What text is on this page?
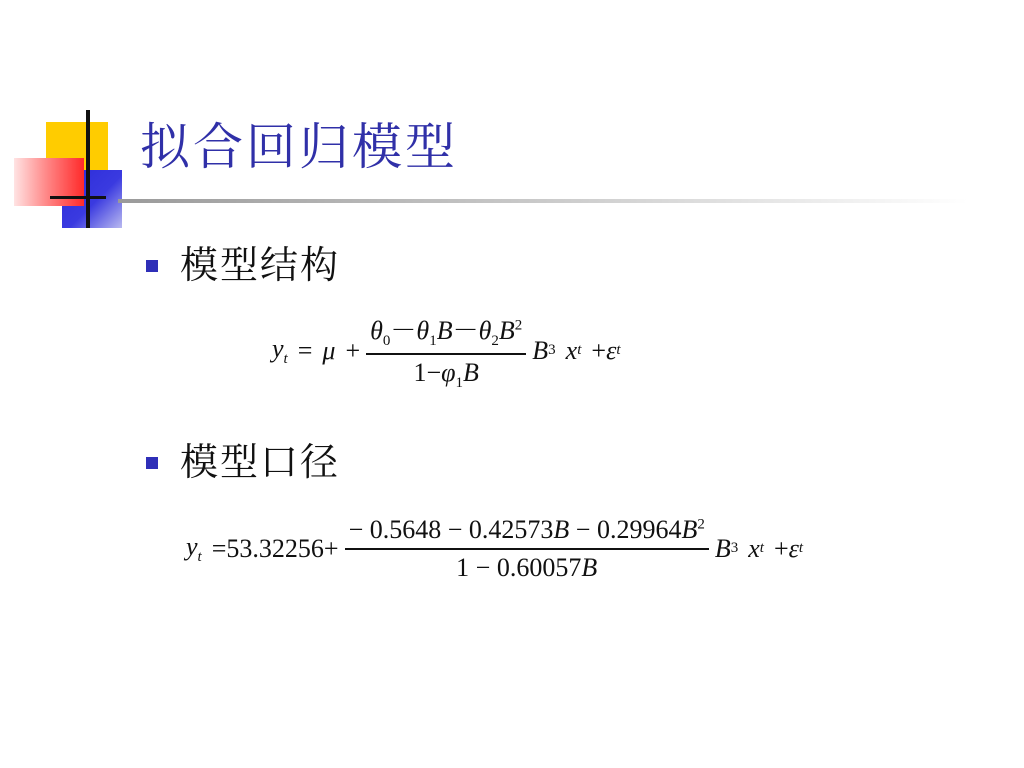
拟合回归模型
模型结构
$y_t = \mu + \frac{\theta_0-\theta_1B-\theta_2B^2}{1-\varphi_1B}$ B 3 x t + ε t
模型口径
$y_t = 53.32256 + \frac{- 0.5648 - 0.42573B - 0.29964B^2}{1 - 0.60057B}$ B 3 x t + ε t
